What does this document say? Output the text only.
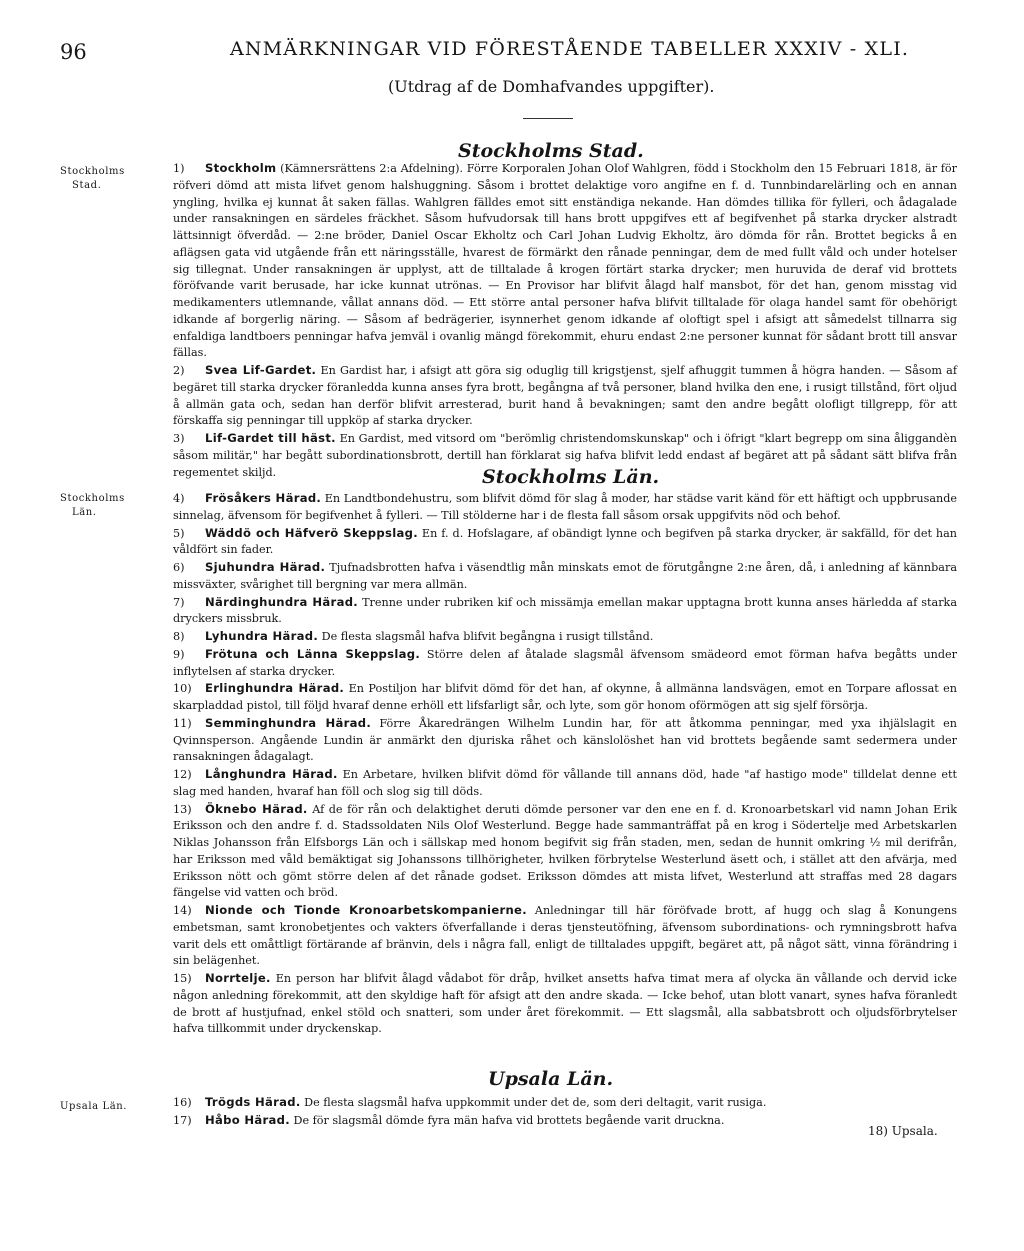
96	ANMÄRKNINGAR VID FÖRESTÅENDE TABELLER XXXIV - XLI.
(Utdrag af de Domhafvandes uppgifter).
Stockholms Stad.
Stockholms
Stad.

1) Stockholm (Kämnersrättens 2:a Afdelning). Förre Korporalen Johan Olof Wahlgren, född i Stockholm den 15 Februari 1818, är för röfveri dömd att mista lifvet genom halshuggning. Såsom i brottet delaktige voro angifne en f. d. Tunnbindarelärling och en annan yngling, hvilka ej kunnat åt saken fällas. Wahlgren fälldes emot sitt enständiga nekande. Han dömdes tillika för fylleri, och ådagalade under ransakningen en särdeles fräckhet. Såsom hufvudorsak till hans brott uppgifves ett af begifvenhet på starka drycker alstradt lättsinnigt öfverdåd. — 2:ne bröder, Daniel Oscar Ekholtz och Carl Johan Ludvig Ekholtz, äro dömda för rån. Brottet begicks å en aflägsen gata vid utgående från ett näringsställe, hvarest de förmärkt den rånade penningar, dem de med fullt våld och under hotelser sig tillegnat. Under ransakningen är upplyst, att de tilltalade å krogen förtärt starka drycker; men huruvida de deraf vid brottets föröfvande varit berusade, har icke kunnat utrönas. — En Provisor har blifvit ålagd half mansbot, för det han, genom misstag vid medikamenters utlemnande, vållat annans död. — Ett större antal personer hafva blifvit tilltalade för olaga handel samt för obehörigt idkande af borgerlig näring. — Såsom af bedrägerier, isynnerhet genom idkande af oloftigt spel i afsigt att såmedelst tillnarra sig enfaldiga landtboers penningar hafva jemväl i ovanlig mängd förekommit, ehuru endast 2:ne personer kunnat för sådant brott till ansvar fällas.

2) Svea Lif-Gardet. En Gardist har, i afsigt att göra sig oduglig till krigstjenst, sjelf afhuggit tummen å högra handen. — Såsom af begäret till starka drycker föranledda kunna anses fyra brott, begångna af två personer, bland hvilka den ene, i rusigt tillstånd, fört oljud å allmän gata och, sedan han derför blifvit arresterad, burit hand å bevakningen; samt den andre begått olofligt tillgrepp, för att förskaffa sig penningar till uppköp af starka drycker.

3) Lif-Gardet till häst. En Gardist, med vitsord om "berömlig christendomskunskap" och i öfrigt "klart begrepp om sina åliggandèn såsom militär," har begått subordinationsbrott, dertill han förklarat sig hafva blifvit ledd endast af begäret att på sådant sätt blifva från regementet skiljd.	Stockholms Län.
Stockholms
Län.

4) Frösåkers Härad. En Landtbondehustru, som blifvit dömd för slag å moder, har städse varit känd för ett häftigt och uppbrusande sinnelag, äfvensom för begifvenhet å fylleri. — Till stölderne har i de flesta fall såsom orsak uppgifvits nöd och behof.

5) Wäddö och Häfverö Skeppslag. En f. d. Hofslagare, af obändigt lynne och begifven på starka drycker, är sakfälld, för det han våldfört sin fader.

6) Sjuhundra Härad. Tjufnadsbrotten hafva i väsendtlig mån minskats emot de förutgångne 2:ne åren, då, i anledning af kännbara missväxter, svårighet till bergning var mera allmän.

7) Närdinghundra Härad. Trenne under rubriken kif och missämja emellan makar upptagna brott kunna anses härledda af starka dryckers missbruk.

8) Lyhundra Härad. De flesta slagsmål hafva blifvit begångna i rusigt tillstånd.

9) Frötuna och Länna Skeppslag. Större delen af åtalade slagsmål äfvensom smädeord emot förman hafva begåtts under inflytelsen af starka drycker.

10) Erlinghundra Härad. En Postiljon har blifvit dömd för det han, af okynne, å allmänna landsvägen, emot en Torpare aflossat en skarpladdad pistol, till följd hvaraf denne erhöll ett lifsfarligt sår, och lyte, som gör honom oförmögen att sig sjelf försörja.

11) Semminghundra Härad. Förre Åkaredrängen Wilhelm Lundin har, för att åtkomma penningar, med yxa ihjälslagit en Qvinnsperson. Angående Lundin är anmärkt den djuriska råhet och känslolöshet han vid brottets begående samt sedermera under ransakningen ådagalagt.

12) Långhundra Härad. En Arbetare, hvilken blifvit dömd för vållande till annans död, hade "af hastigo mode" tilldelat denne ett slag med handen, hvaraf han föll och slog sig till döds.

13) Öknebo Härad. Af de för rån och delaktighet deruti dömde personer var den ene en f. d. Kronoarbetskarl vid namn Johan Erik Eriksson och den andre f. d. Stadssoldaten Nils Olof Westerlund. Begge hade sammanträffat på en krog i Södertelje med Arbetskarlen Niklas Johansson från Elfsborgs Län och i sällskap med honom begifvit sig från staden, men, sedan de hunnit omkring ½ mil derifrån, har Eriksson med våld bemäktigat sig Johanssons tillhörigheter, hvilken förbrytelse Westerlund äsett och, i stället att den afvärja, med Eriksson nött och gömt större delen af det rånade godset. Eriksson dömdes att mista lifvet, Westerlund att straffas med 28 dagars fängelse vid vatten och bröd.

14) Nionde och Tionde Kronoarbetskompanierne. Anledningar till här föröfvade brott, af hugg och slag å Konungens embetsman, samt kronobetjentes och vakters öfverfallande i deras tjensteutöfning, äfvensom subordinations- och rymningsbrott hafva varit dels ett omåttligt förtärande af bränvin, dels i några fall, enligt de tilltalades uppgift, begäret att, på något sätt, vinna förändring i sin belägenhet.

15) Norrtelje. En person har blifvit ålagd vådabot för dråp, hvilket ansetts hafva timat mera af olycka än vållande och dervid icke någon anledning förekommit, att den skyldige haft för afsigt att den andre skada. — Icke behof, utan blott vanart, synes hafva föranledt de brott af hustjufnad, enkel stöld och snatteri, som under året förekommit. — Ett slagsmål, alla sabbatsbrott och oljudsförbrytelser hafva tillkommit under dryckenskap.

Upsala Län.
Upsala Län.	16) Trögds Härad. De flesta slagsmål hafva uppkommit under det de, som deri deltagit, varit rusiga.

17) Håbo Härad. De för slagsmål dömde fyra män hafva vid brottets begående varit druckna.

18) Upsala.
